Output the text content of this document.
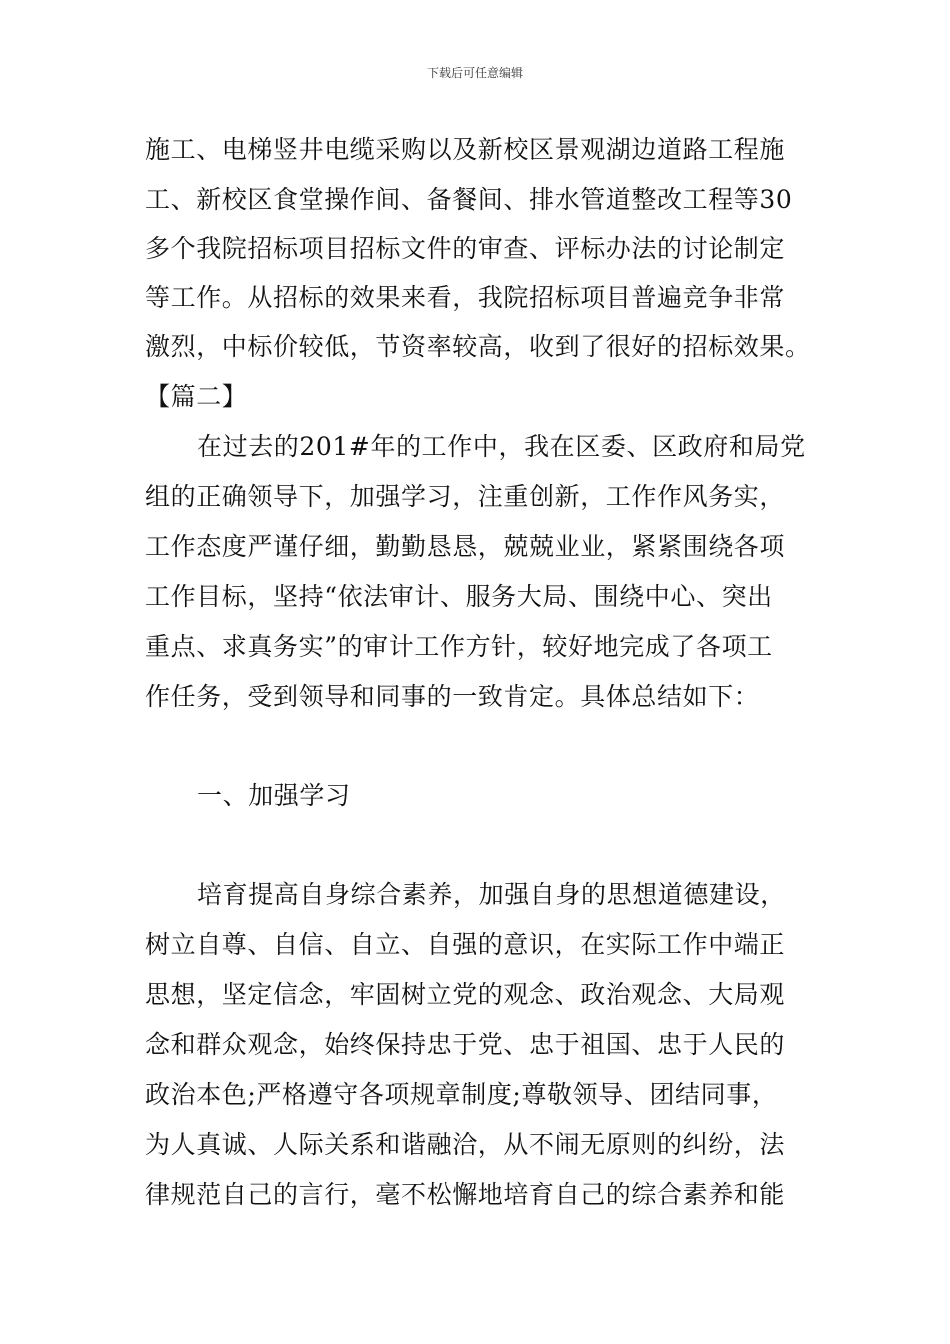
下载后可任意编辑
施工、电梯竖井电缆采购以及新校区景观湖边道路工程施
工、新校区食堂操作间、备餐间、排水管道整改工程等30
多个我院招标项目招标文件的审查、评标办法的讨论制定
等工作。从招标的效果来看，我院招标项目普遍竞争非常
激烈，中标价较低，节资率较高，收到了很好的招标效果。
【篇二】
在过去的201#年的工作中，我在区委、区政府和局党
组的正确领导下，加强学习，注重创新，工作作风务实，
工作态度严谨仔细，勤勤恳恳，兢兢业业，紧紧围绕各项
工作目标，坚持“依法审计、服务大局、围绕中心、突出
重点、求真务实”的审计工作方针，较好地完成了各项工
作任务，受到领导和同事的一致肯定。具体总结如下：
一、加强学习
培育提高自身综合素养，加强自身的思想道德建设，
树立自尊、自信、自立、自强的意识，在实际工作中端正
思想，坚定信念，牢固树立党的观念、政治观念、大局观
念和群众观念，始终保持忠于党、忠于祖国、忠于人民的
政治本色;严格遵守各项规章制度;尊敬领导、团结同事，
为人真诚、人际关系和谐融洽，从不闹无原则的纠纷，法
律规范自己的言行，毫不松懈地培育自己的综合素养和能
